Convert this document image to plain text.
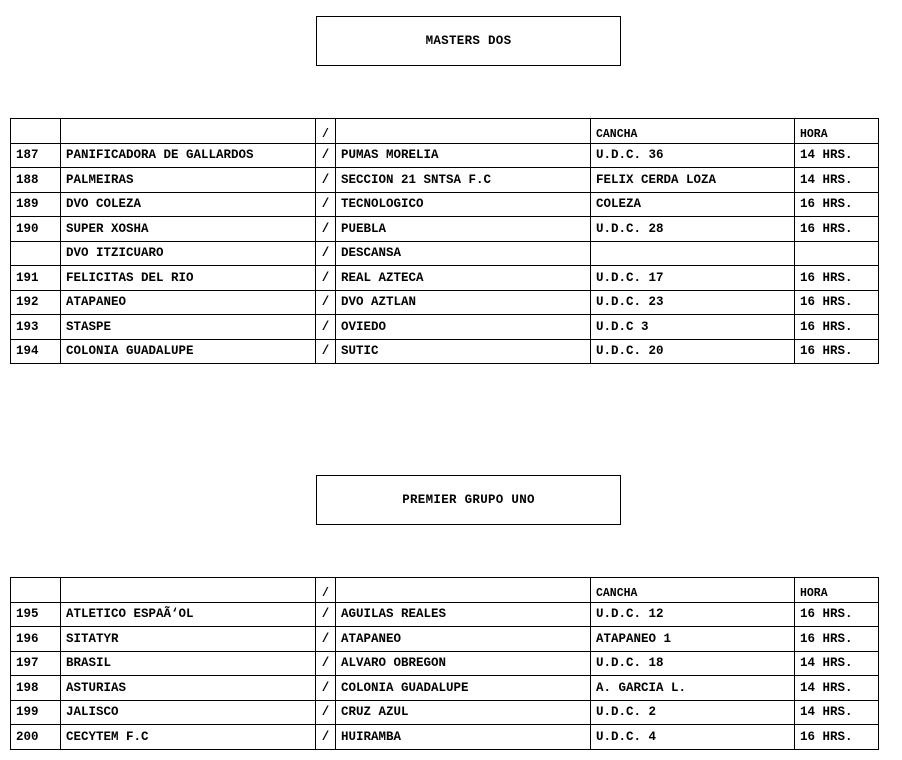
MASTERS DOS
		/		CANCHA	HORA
187	PANIFICADORA DE GALLARDOS	/	PUMAS MORELIA	U.D.C. 36	14 HRS.
188	PALMEIRAS	/	SECCION 21 SNTSA F.C	FELIX CERDA LOZA	14 HRS.
189	DVO COLEZA	/	TECNOLOGICO	COLEZA	16 HRS.
190	SUPER XOSHA	/	PUEBLA	U.D.C. 28	16 HRS.
	DVO ITZICUARO	/	DESCANSA		
191	FELICITAS DEL RIO	/	REAL AZTECA	U.D.C. 17	16 HRS.
192	ATAPANEO	/	DVO AZTLAN	U.D.C. 23	16 HRS.
193	STASPE	/	OVIEDO	U.D.C 3	16 HRS.
194	COLONIA GUADALUPE	/	SUTIC	U.D.C. 20	16 HRS.
PREMIER GRUPO UNO
		/		CANCHA	HORA
195	ATLETICO ESPAÃ‘OL	/	AGUILAS REALES	U.D.C. 12	16 HRS.
196	SITATYR	/	ATAPANEO	ATAPANEO 1	16 HRS.
197	BRASIL	/	ALVARO OBREGON	U.D.C. 18	14 HRS.
198	ASTURIAS	/	COLONIA GUADALUPE	A. GARCIA L.	14 HRS.
199	JALISCO	/	CRUZ AZUL	U.D.C. 2	14 HRS.
200	CECYTEM F.C	/	HUIRAMBA	U.D.C. 4	16 HRS.
